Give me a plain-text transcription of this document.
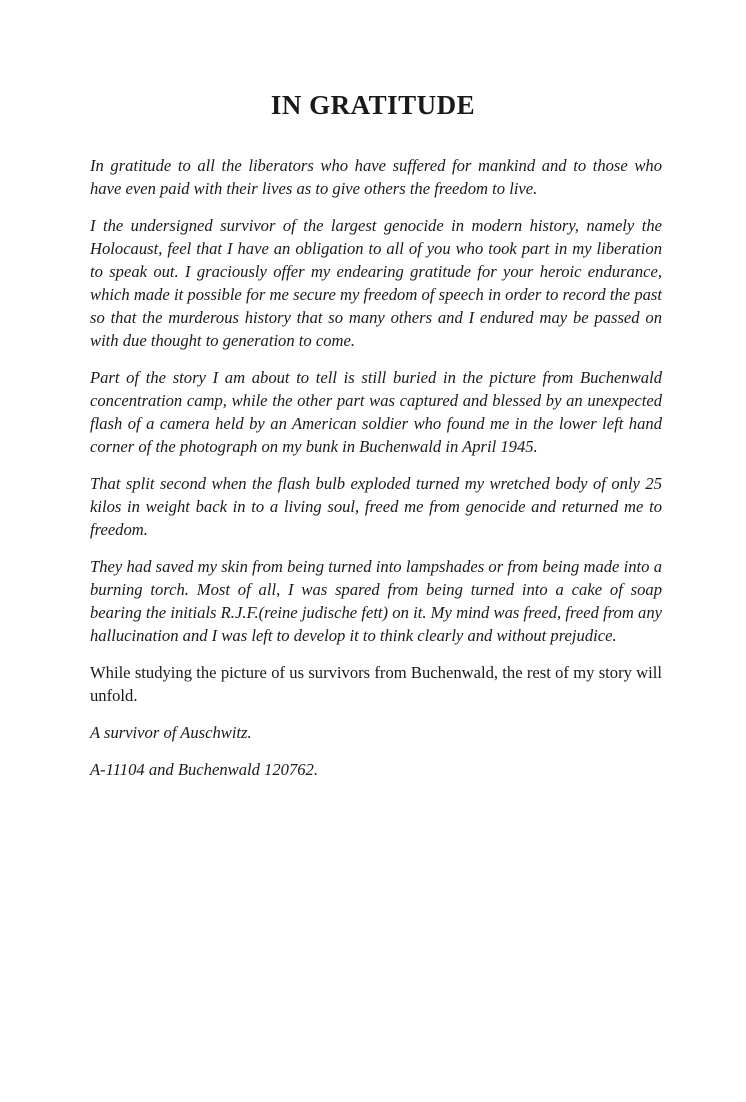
IN GRATITUDE

In gratitude to all the liberators who have suffered for mankind and to those who have even paid with their lives as to give others the freedom to live.

I the undersigned survivor of the largest genocide in modern history, namely the Holocaust, feel that I have an obligation to all of you who took part in my liberation to speak out. I graciously offer my endearing gratitude for your heroic endurance, which made it possible for me secure my freedom of speech in order to record the past so that the murderous history that so many others and I endured may be passed on with due thought to generation to come.

Part of the story I am about to tell is still buried in the picture from Buchenwald concentration camp, while the other part was captured and blessed by an unexpected flash of a camera held by an American soldier who found me in the lower left hand corner of the photograph on my bunk in Buchenwald in April 1945.

That split second when the flash bulb exploded turned my wretched body of only 25 kilos in weight back in to a living soul, freed me from genocide and returned me to freedom.

They had saved my skin from being turned into lampshades or from being made into a burning torch. Most of all, I was spared from being turned into a cake of soap bearing the initials R.J.F.(reine judische fett) on it. My mind was freed, freed from any hallucination and I was left to develop it to think clearly and without prejudice.

While studying the picture of us survivors from Buchenwald, the rest of my story will unfold.

A survivor of Auschwitz.

A-11104 and Buchenwald 120762.
